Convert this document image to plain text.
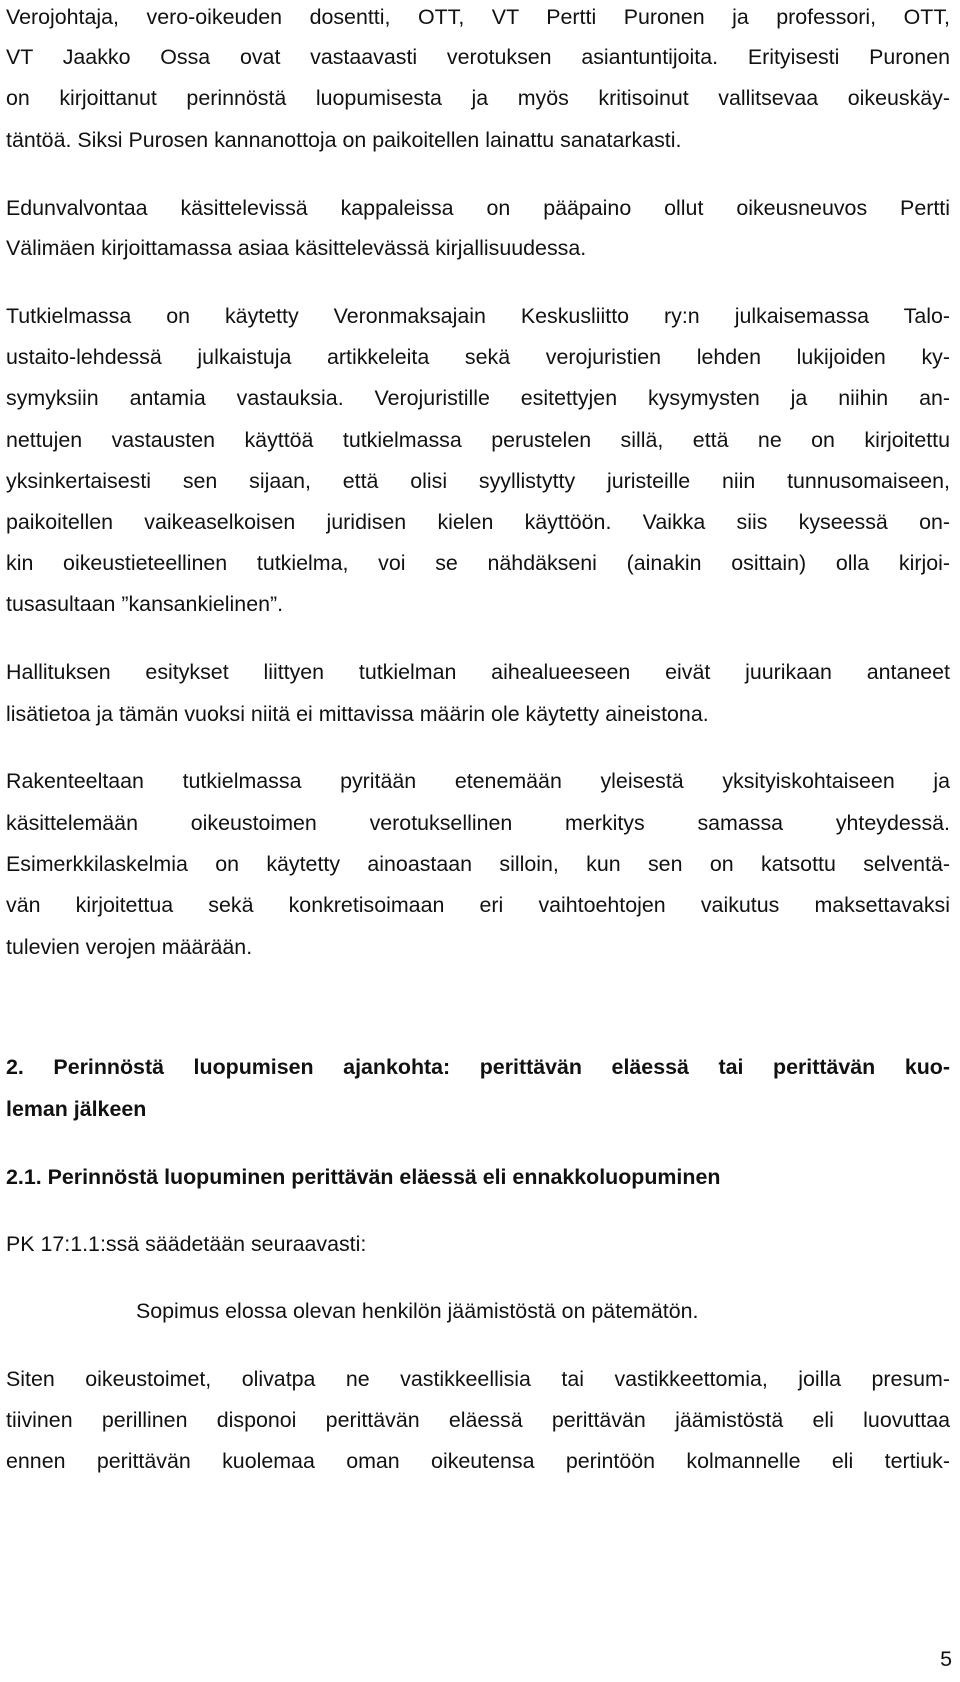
Verojohtaja, vero-oikeuden dosentti, OTT, VT Pertti Puronen ja professori, OTT,
VT Jaakko Ossa ovat vastaavasti verotuksen asiantuntijoita. Erityisesti Puronen
on kirjoittanut perinnöstä luopumisesta ja myös kritisoinut vallitsevaa oikeuskäy-
täntöä. Siksi Purosen kannanottoja on paikoitellen lainattu sanatarkasti.
Edunvalvontaa käsittelevissä kappaleissa on pääpaino ollut oikeusneuvos Pertti
Välimäen kirjoittamassa asiaa käsittelevässä kirjallisuudessa.
Tutkielmassa on käytetty Veronmaksajain Keskusliitto ry:n julkaisemassa Talo-
ustaito-lehdessä julkaistuja artikkeleita sekä verojuristien lehden lukijoiden ky-
symyksiin antamia vastauksia. Verojuristille esitettyjen kysymysten ja niihin an-
nettujen vastausten käyttöä tutkielmassa perustelen sillä, että ne on kirjoitettu
yksinkertaisesti sen sijaan, että olisi syyllistytty juristeille niin tunnusomaiseen,
paikoitellen vaikeaselkoisen juridisen kielen käyttöön. Vaikka siis kyseessä on-
kin oikeustieteellinen tutkielma, voi se nähdäkseni (ainakin osittain) olla kirjoi-
tusasultaan ”kansankielinen”.
Hallituksen esitykset liittyen tutkielman aihealueeseen eivät juurikaan antaneet
lisätietoa ja tämän vuoksi niitä ei mittavissa määrin ole käytetty aineistona.
Rakenteeltaan tutkielmassa pyritään etenemään yleisestä yksityiskohtaiseen ja
käsittelemään oikeustoimen verotuksellinen merkitys samassa yhteydessä.
Esimerkkilaskelmia on käytetty ainoastaan silloin, kun sen on katsottu selventä-
vän kirjoitettua sekä konkretisoimaan eri vaihtoehtojen vaikutus maksettavaksi
tulevien verojen määrään.
2. Perinnöstä luopumisen ajankohta: perittävän eläessä tai perittävän kuo-
leman jälkeen
2.1. Perinnöstä luopuminen perittävän eläessä eli ennakkoluopuminen
PK 17:1.1:ssä säädetään seuraavasti:
Sopimus elossa olevan henkilön jäämistöstä on pätemätön.
Siten oikeustoimet, olivatpa ne vastikkeellisia tai vastikkeettomia, joilla presum-
tiivinen perillinen disponoi perittävän eläessä perittävän jäämistöstä eli luovuttaa
ennen perittävän kuolemaa oman oikeutensa perintöön kolmannelle eli tertiuk-
5
